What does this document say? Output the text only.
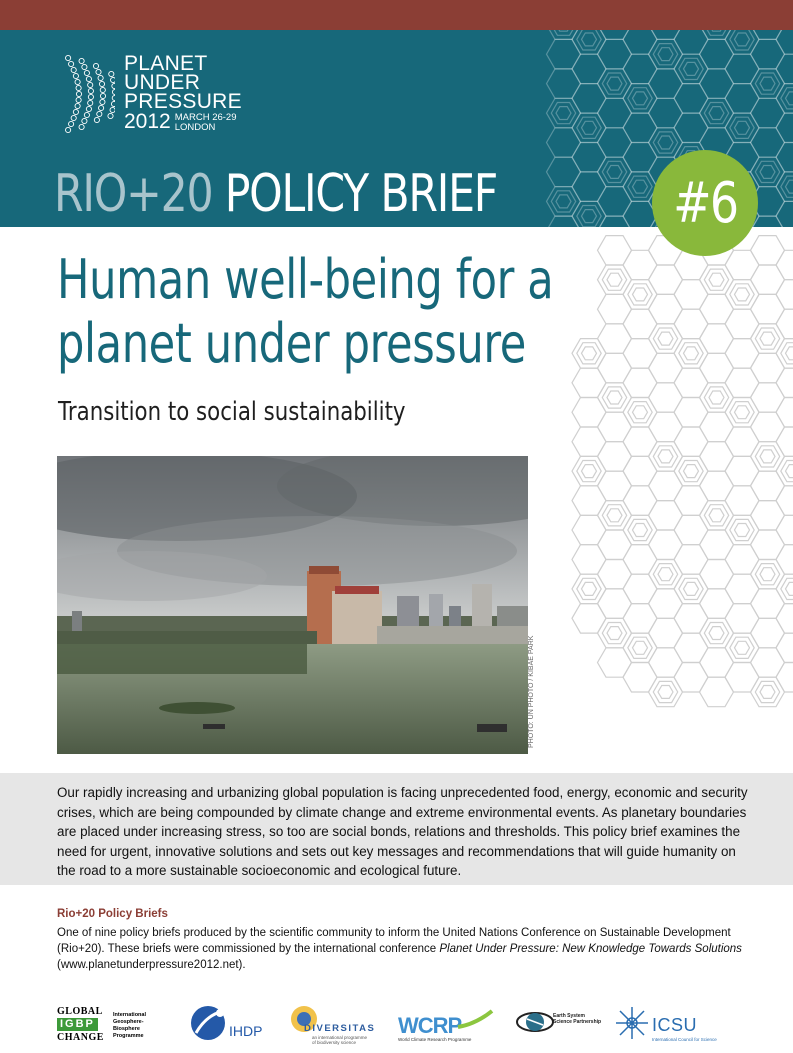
PLANET
UNDER
PRESSURE
2012 MARCH 26-29
LONDON
RIO+20 POLICY BRIEF	#6
Human well-being for a
planet under pressure
Transition to social sustainability
PHOTO: UN PHOTO / KIBAE PARK

Our rapidly increasing and urbanizing global population is facing unprecedented food, energy, economic and security crises, which are being compounded by climate change and extreme environmental events. As planetary boundaries are placed under increasing stress, so too are social bonds, relations and thresholds. This policy brief examines the need for urgent, innovative solutions and sets out key messages and recommendations that will guide humanity on the road to a more sustainable socioeconomic and ecological future.

Rio+20 Policy Briefs

One of nine policy briefs produced by the scientific community to inform the United Nations Conference on Sustainable Development (Rio+20). These briefs were commissioned by the international conference Planet Under Pressure: New Knowledge Towards Solutions (www.planetunderpressure2012.net).

GLOBAL
IGBP
CHANGE
International
Geosphere-Biosphere
Programme	IHDP	DIVERSITAS
an international programme
of biodiversity science
WCRP
World Climate Research Programme
Earth System
Science Partnership	ICSU
International Council for Science
